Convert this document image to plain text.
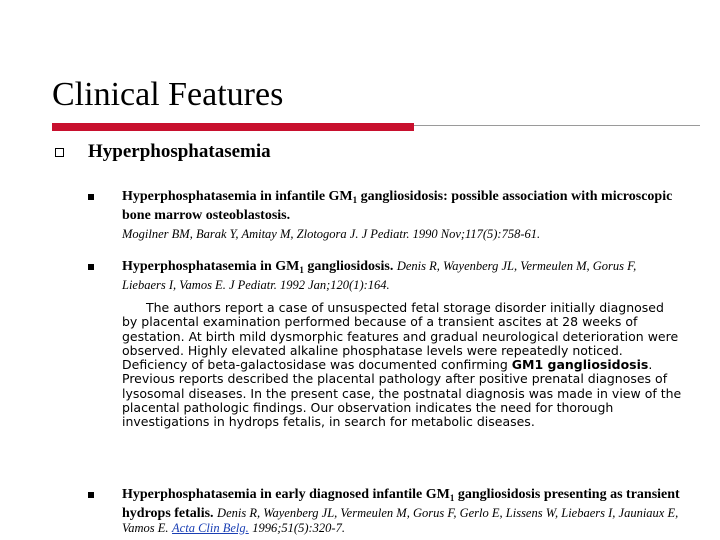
Clinical Features
Hyperphosphatasemia
Hyperphosphatasemia in infantile $GM_1$ gangliosidosis: possible association with microscopic bone marrow osteoblastosis.
Mogilner BM, Barak Y, Amitay M, Zlotogora J. J Pediatr. 1990 Nov;117(5):758-61.
Hyperphosphatasemia in $GM_1$ gangliosidosis. Denis R, Wayenberg JL, Vermeulen M, Gorus F, Liebaers I, Vamos E. J Pediatr. 1992 Jan;120(1):164.
The authors report a case of unsuspected fetal storage disorder initially diagnosed by placental examination performed because of a transient ascites at 28 weeks of gestation. At birth mild dysmorphic features and gradual neurological deterioration were observed. Highly elevated alkaline phosphatase levels were repeatedly noticed. Deficiency of beta-galactosidase was documented confirming GM1 gangliosidosis. Previous reports described the placental pathology after positive prenatal diagnoses of lysosomal diseases. In the present case, the postnatal diagnosis was made in view of the placental pathologic findings. Our observation indicates the need for thorough investigations in hydrops fetalis, in search for metabolic diseases.
Hyperphosphatasemia in early diagnosed infantile $GM_1$ gangliosidosis presenting as transient hydrops fetalis. Denis R, Wayenberg JL, Vermeulen M, Gorus F, Gerlo E, Lissens W, Liebaers I, Jauniaux E, Vamos E. Acta Clin Belg. 1996;51(5):320-7.
